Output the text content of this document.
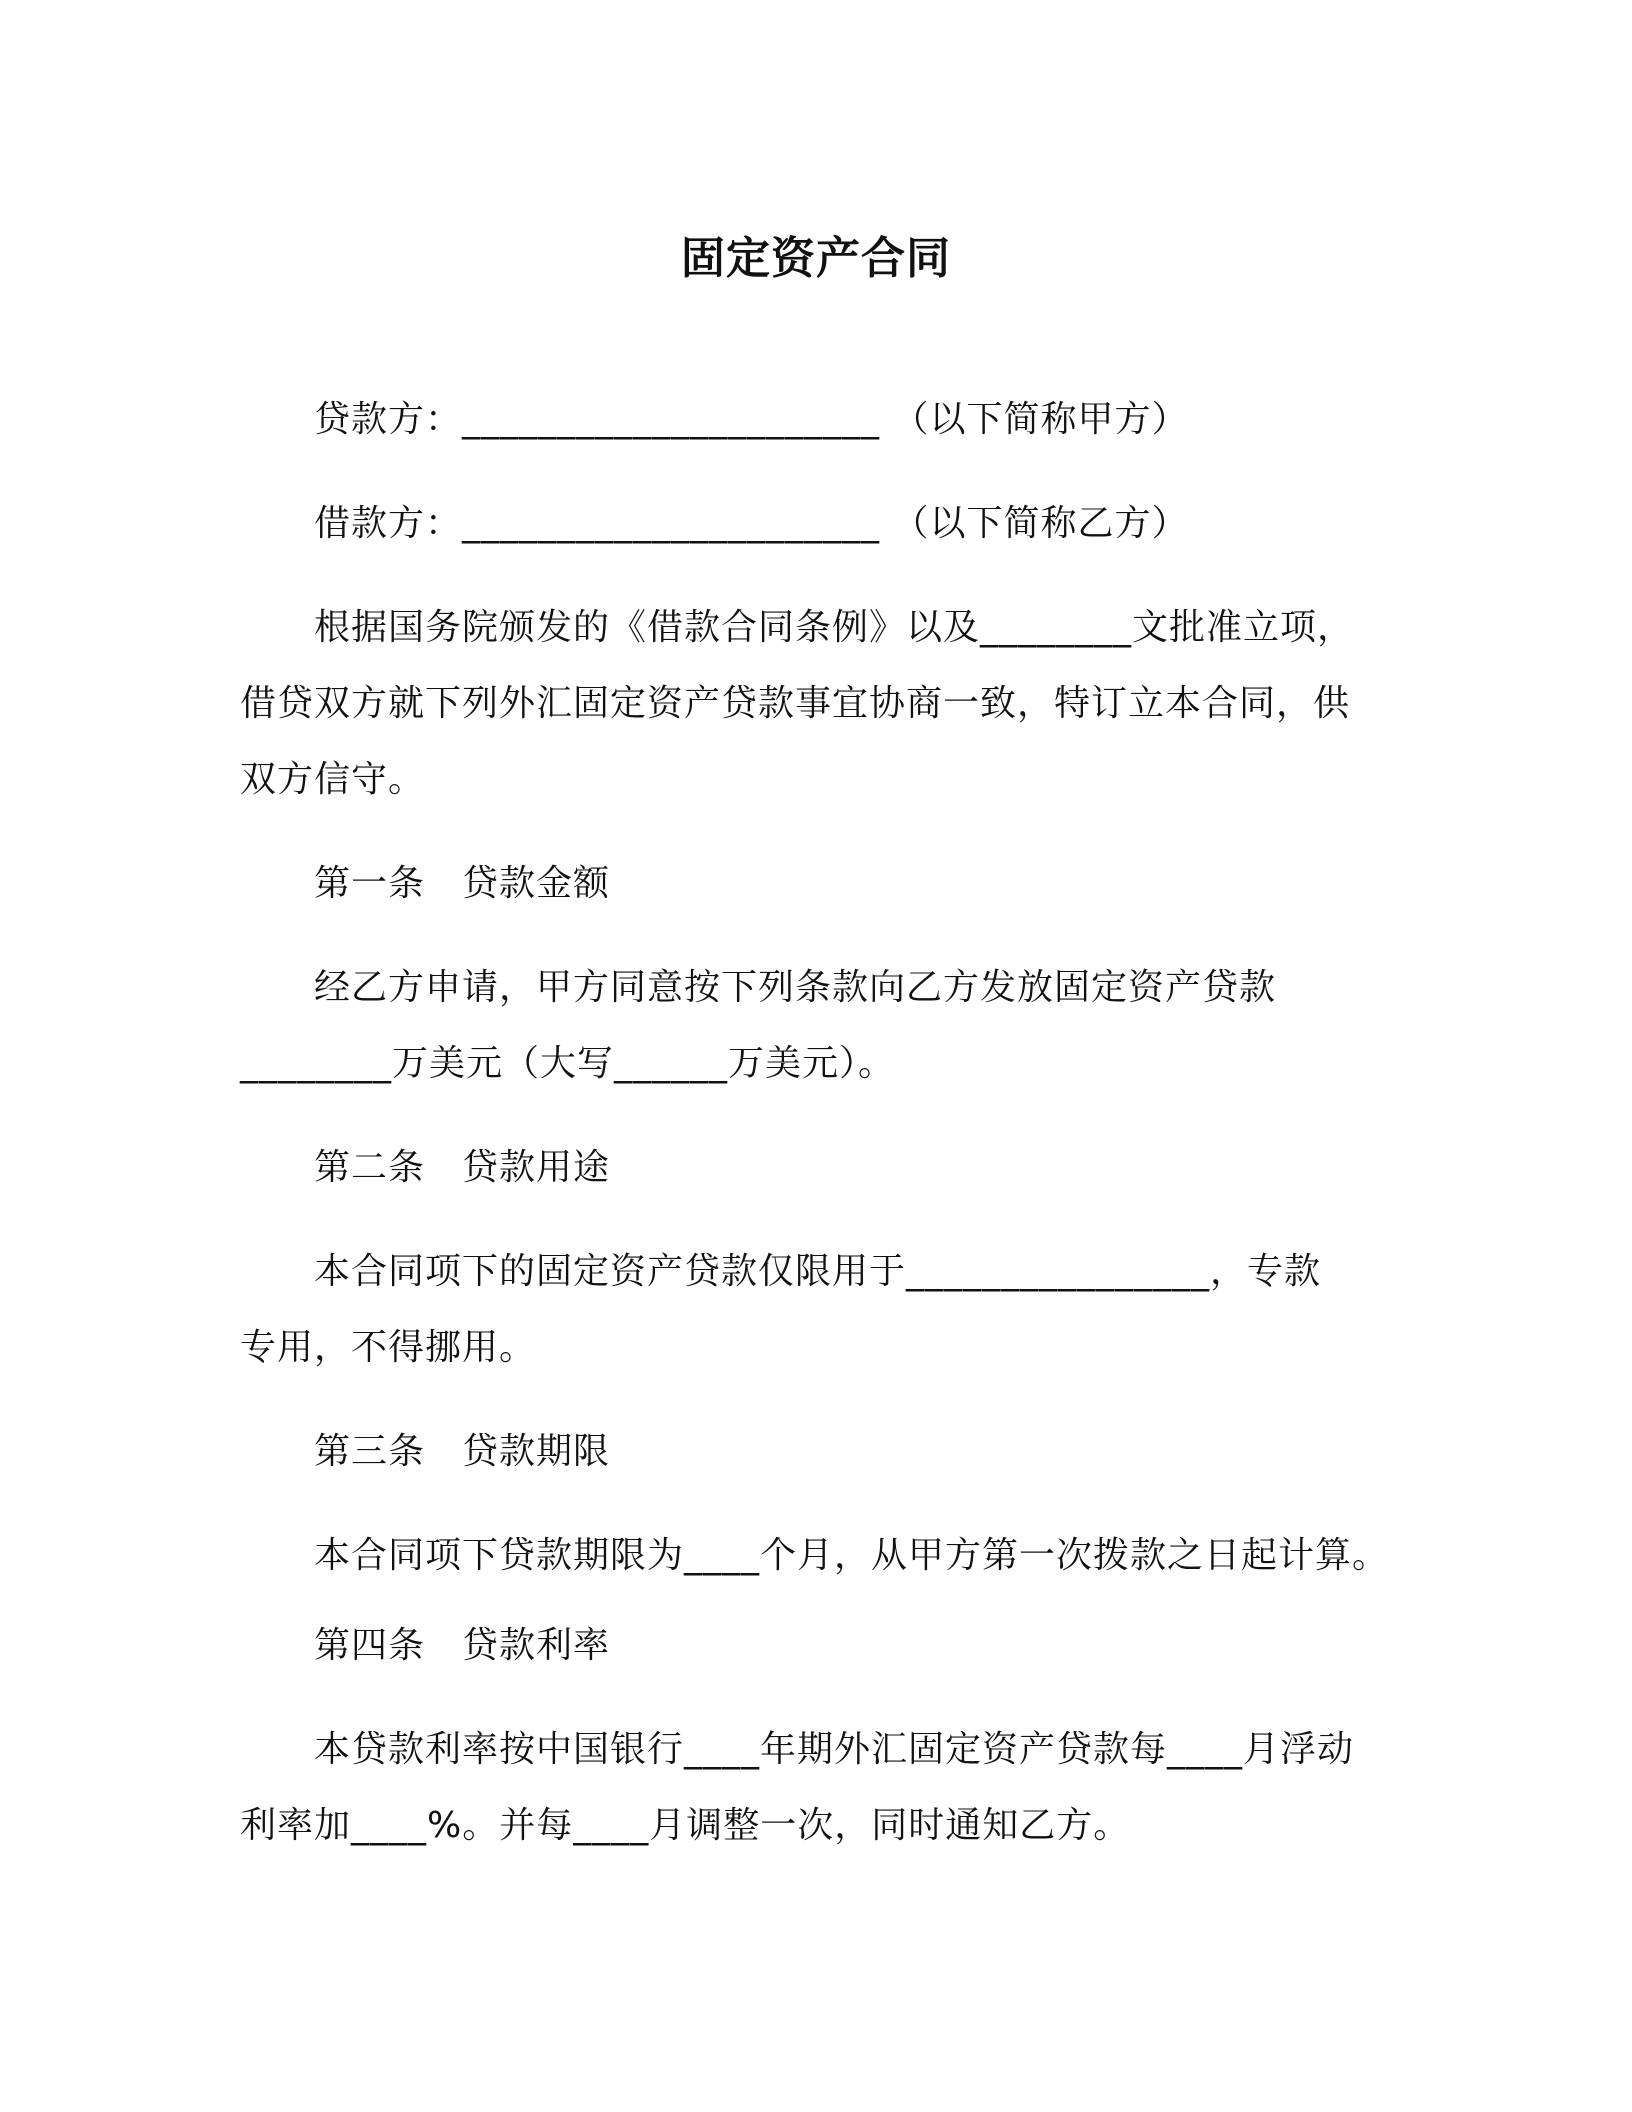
固定资产合同

贷款方：______________________ （以下简称甲方）

借款方：______________________ （以下简称乙方）

根据国务院颁发的《借款合同条例》以及________文批准立项，

借贷双方就下列外汇固定资产贷款事宜协商一致，特订立本合同，供

双方信守。

第一条 贷款金额

经乙方申请，甲方同意按下列条款向乙方发放固定资产贷款

________万美元（大写______万美元）。

第二条 贷款用途

本合同项下的固定资产贷款仅限用于________________，专款

专用，不得挪用。

第三条 贷款期限

本合同项下贷款期限为____个月，从甲方第一次拨款之日起计算。

第四条 贷款利率

本贷款利率按中国银行____年期外汇固定资产贷款每____月浮动

利率加____%。并每____月调整一次，同时通知乙方。
